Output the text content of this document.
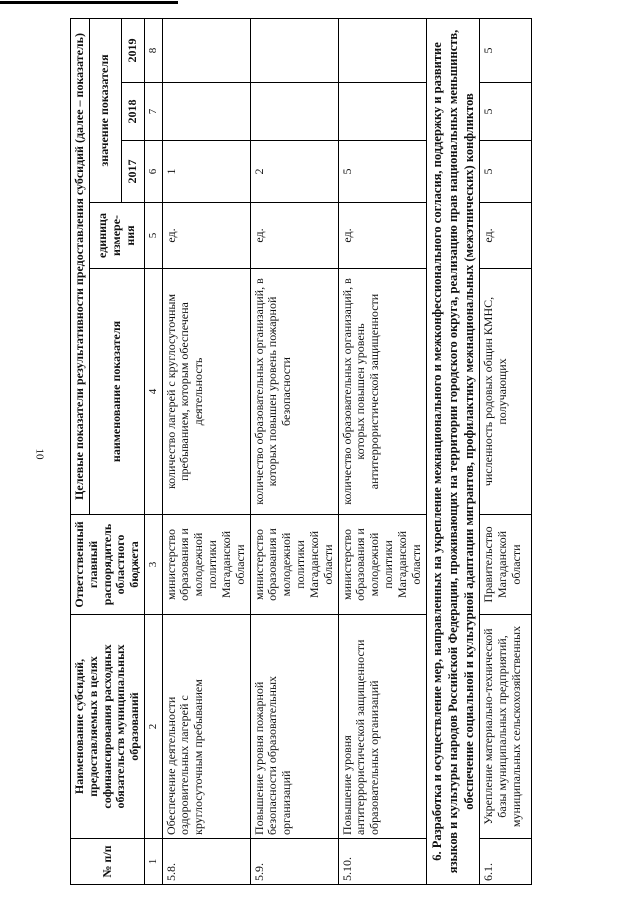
10
№ п/п	Наименование субсидий, предоставляемых в целях софинансирования расходных обязательств муниципальных образований	Ответственный главный распорядитель областного бюджета	Целевые показатели результативности предоставления субсидий (далее – показатель)				
			наименование показателя	единица измере-ния	значение показателя		
					2017	2018	2019
1	2	3	4	5	6	7	8
5.8.	Обеспечение деятельности оздоровительных лагерей с круглосуточным пребыванием	министерство образования и молодежной политики Магаданской области	количество лагерей с круглосуточным пребыванием, которым обеспечена деятельность	ед.	1		
5.9.	Повышение уровня пожарной безопасности образовательных организаций	министерство образования и молодежной политики Магаданской области	количество образовательных организаций, в которых повышен уровень пожарной безопасности	ед.	2		
5.10.	Повышение уровня антитеррористической защищенности образовательных организаций	министерство образования и молодежной политики Магаданской области	количество образовательных организаций, в которых повышен уровень антитеррористической защищенности	ед.	5		
6. Разработка и осуществление мер, направленных на укрепление межнационального и межконфессионального согласия, поддержку и развитие языков и культуры народов Российской Федерации, проживающих на территории городского округа, реализацию прав национальных меньшинств, обеспечение социальной и культурной адаптации мигрантов, профилактику межнациональных (межэтнических) конфликтов							
6.1.	Укрепление материально-технической базы муниципальных предприятий, муниципальных сельскохозяйственных	Правительство Магаданской области	численность родовых общин КМНС, получающих	ед.	5	5	5
